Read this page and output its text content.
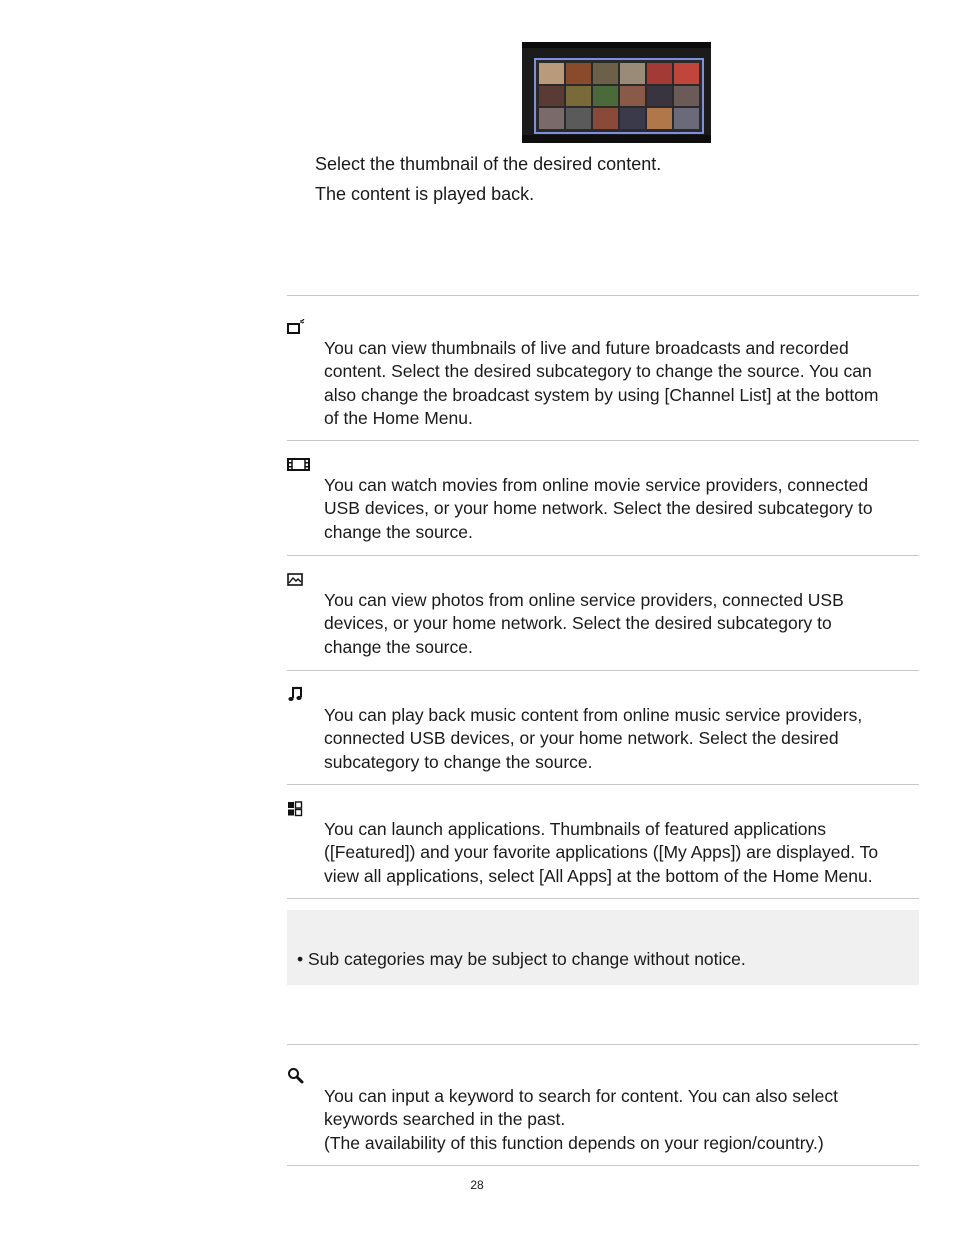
Select the thumbnail of the desired content.
The content is played back.
You can view thumbnails of live and future broadcasts and recorded
content. Select the desired subcategory to change the source. You can
also change the broadcast system by using [Channel List] at the bottom
of the Home Menu.
You can watch movies from online movie service providers, connected
USB devices, or your home network. Select the desired subcategory to
change the source.
You can view photos from online service providers, connected USB
devices, or your home network. Select the desired subcategory to
change the source.
You can play back music content from online music service providers,
connected USB devices, or your home network. Select the desired
subcategory to change the source.
You can launch applications. Thumbnails of featured applications
([Featured]) and your favorite applications ([My Apps]) are displayed. To
view all applications, select [All Apps] at the bottom of the Home Menu.
• Sub categories may be subject to change without notice.
You can input a keyword to search for content. You can also select
keywords searched in the past.
(The availability of this function depends on your region/country.)
28
